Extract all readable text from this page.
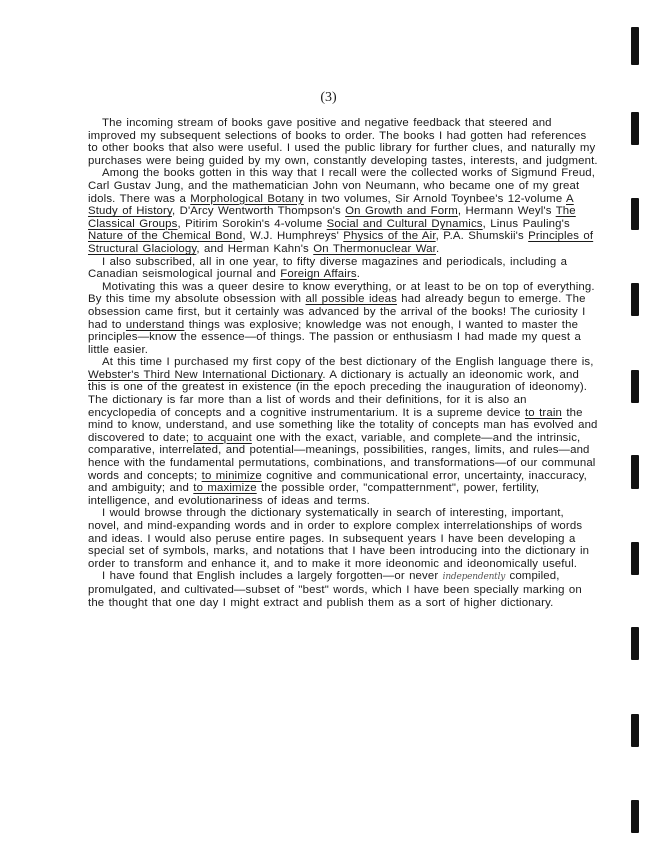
(3)

The incoming stream of books gave positive and negative feedback that steered and improved my subsequent selections of books to order. The books I had gotten had references to other books that also were useful. I used the public library for further clues, and naturally my purchases were being guided by my own, constantly developing tastes, interests, and judgment.

Among the books gotten in this way that I recall were the collected works of Sigmund Freud, Carl Gustav Jung, and the mathematician John von Neumann, who became one of my great idols. There was a Morphological Botany in two volumes, Sir Arnold Toynbee's 12-volume A Study of History, D'Arcy Wentworth Thompson's On Growth and Form, Hermann Weyl's The Classical Groups, Pitirim Sorokin's 4-volume Social and Cultural Dynamics, Linus Pauling's Nature of the Chemical Bond, W.J. Humphreys' Physics of the Air, P.A. Shumskii's Principles of Structural Glaciology, and Herman Kahn's On Thermonuclear War.

I also subscribed, all in one year, to fifty diverse magazines and periodicals, including a Canadian seismological journal and Foreign Affairs.

Motivating this was a queer desire to know everything, or at least to be on top of everything. By this time my absolute obsession with all possible ideas had already begun to emerge. The obsession came first, but it certainly was advanced by the arrival of the books! The curiosity I had to understand things was explosive; knowledge was not enough, I wanted to master the principles—know the essence—of things. The passion or enthusiasm I had made my quest a little easier.

At this time I purchased my first copy of the best dictionary of the English language there is, Webster's Third New International Dictionary. A dictionary is actually an ideonomic work, and this is one of the greatest in existence (in the epoch preceding the inauguration of ideonomy). The dictionary is far more than a list of words and their definitions, for it is also an encyclopedia of concepts and a cognitive instrumentarium. It is a supreme device to train the mind to know, understand, and use something like the totality of concepts man has evolved and discovered to date; to acquaint one with the exact, variable, and complete—and the intrinsic, comparative, interrelated, and potential—meanings, possibilities, ranges, limits, and rules—and hence with the fundamental permutations, combinations, and transformations—of our communal words and concepts; to minimize cognitive and communicational error, uncertainty, inaccuracy, and ambiguity; and to maximize the possible order, "compatternment", power, fertility, intelligence, and evolutionariness of ideas and terms.

I would browse through the dictionary systematically in search of interesting, important, novel, and mind-expanding words and in order to explore complex interrelationships of words and ideas. I would also peruse entire pages. In subsequent years I have been developing a special set of symbols, marks, and notations that I have been introducing into the dictionary in order to transform and enhance it, and to make it more ideonomic and ideonomically useful.

I have found that English includes a largely forgotten—or never independently compiled, promulgated, and cultivated—subset of "best" words, which I have been specially marking on the thought that one day I might extract and publish them as a sort of higher dictionary.
